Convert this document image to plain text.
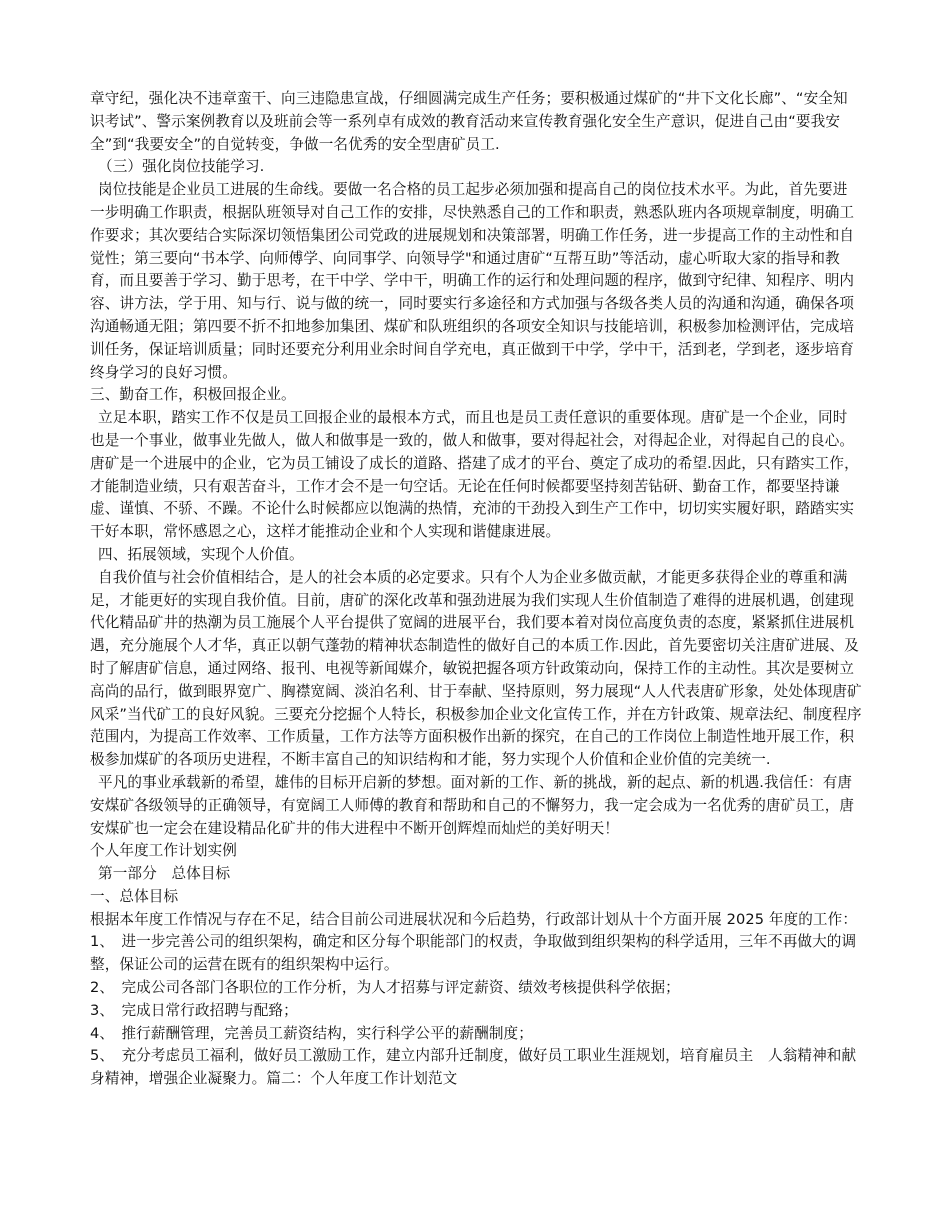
章守纪，强化决不违章蛮干、向三违隐患宣战，仔细圆满完成生产任务；要积极通过煤矿的“井下文化长廊”、“安全知识考试”、警示案例教育以及班前会等一系列卓有成效的教育活动来宣传教育强化安全生产意识，促进自己由“要我安全”到“我要安全”的自觉转变，争做一名优秀的安全型唐矿员工.

（三）强化岗位技能学习.

岗位技能是企业员工进展的生命线。要做一名合格的员工起步必须加强和提高自己的岗位技术水平。为此，首先要进一步明确工作职责，根据队班领导对自己工作的安排，尽快熟悉自己的工作和职责，熟悉队班内各项规章制度，明确工作要求；其次要结合实际深切领悟集团公司党政的进展规划和决策部署，明确工作任务，进一步提高工作的主动性和自觉性；第三要向“书本学、向师傅学、向同事学、向领导学"和通过唐矿“互帮互助”等活动，虚心听取大家的指导和教育，而且要善于学习、勤于思考，在干中学、学中干，明确工作的运行和处理问题的程序，做到守纪律、知程序、明内容、讲方法，学于用、知与行、说与做的统一，同时要实行多途径和方式加强与各级各类人员的沟通和沟通，确保各项沟通畅通无阻；第四要不折不扣地参加集团、煤矿和队班组织的各项安全知识与技能培训，积极参加检测评估，完成培训任务，保证培训质量；同时还要充分利用业余时间自学充电，真正做到干中学，学中干，活到老，学到老，逐步培育终身学习的良好习惯。

三、勤奋工作，积极回报企业。

立足本职，踏实工作不仅是员工回报企业的最根本方式，而且也是员工责任意识的重要体现。唐矿是一个企业，同时也是一个事业，做事业先做人，做人和做事是一致的，做人和做事，要对得起社会，对得起企业，对得起自己的良心。唐矿是一个进展中的企业，它为员工铺设了成长的道路、搭建了成才的平台、奠定了成功的希望.因此，只有踏实工作，才能制造业绩，只有艰苦奋斗，工作才会不是一句空话。无论在任何时候都要坚持刻苦钻研、勤奋工作，都要坚持谦虚、谨慎、不骄、不躁。不论什么时候都应以饱满的热情，充沛的干劲投入到生产工作中，切切实实履好职，踏踏实实干好本职，常怀感恩之心，这样才能推动企业和个人实现和谐健康进展。

四、拓展领域，实现个人价值。

自我价值与社会价值相结合，是人的社会本质的必定要求。只有个人为企业多做贡献，才能更多获得企业的尊重和满足，才能更好的实现自我价值。目前，唐矿的深化改革和强劲进展为我们实现人生价值制造了难得的进展机遇，创建现代化精品矿井的热潮为员工施展个人平台提供了宽阔的进展平台，我们要本着对岗位高度负责的态度，紧紧抓住进展机遇，充分施展个人才华，真正以朝气蓬勃的精神状态制造性的做好自己的本质工作.因此，首先要密切关注唐矿进展、及时了解唐矿信息，通过网络、报刊、电视等新闻媒介，敏锐把握各项方针政策动向，保持工作的主动性。其次是要树立高尚的品行，做到眼界宽广、胸襟宽阔、淡泊名利、甘于奉献、坚持原则，努力展现“人人代表唐矿形象，处处体现唐矿风采”当代矿工的良好风貌。三要充分挖掘个人特长，积极参加企业文化宣传工作，并在方针政策、规章法纪、制度程序范围内，为提高工作效率、工作质量，工作方法等方面积极作出新的探究，在自己的工作岗位上制造性地开展工作，积极参加煤矿的各项历史进程，不断丰富自己的知识结构和才能，努力实现个人价值和企业价值的完美统一.

平凡的事业承载新的希望，雄伟的目标开启新的梦想。面对新的工作、新的挑战，新的起点、新的机遇.我信任：有唐安煤矿各级领导的正确领导，有宽阔工人师傅的教育和帮助和自己的不懈努力，我一定会成为一名优秀的唐矿员工，唐安煤矿也一定会在建设精品化矿井的伟大进程中不断开创辉煌而灿烂的美好明天！

个人年度工作计划实例

第一部分　总体目标

一、总体目标

根据本年度工作情况与存在不足，结合目前公司进展状况和今后趋势，行政部计划从十个方面开展 2025 年度的工作：

1、　进一步完善公司的组织架构，确定和区分每个职能部门的权责，争取做到组织架构的科学适用，三年不再做大的调整，保证公司的运营在既有的组织架构中运行。

2、　完成公司各部门各职位的工作分析，为人才招募与评定薪资、绩效考核提供科学依据；

3、　完成日常行政招聘与配臵；

4、　推行薪酬管理，完善员工薪资结构，实行科学公平的薪酬制度；

5、　充分考虑员工福利，做好员工激励工作，建立内部升迁制度，做好员工职业生涯规划，培育雇员主　人翁精神和献身精神，增强企业凝聚力。篇二：个人年度工作计划范文
